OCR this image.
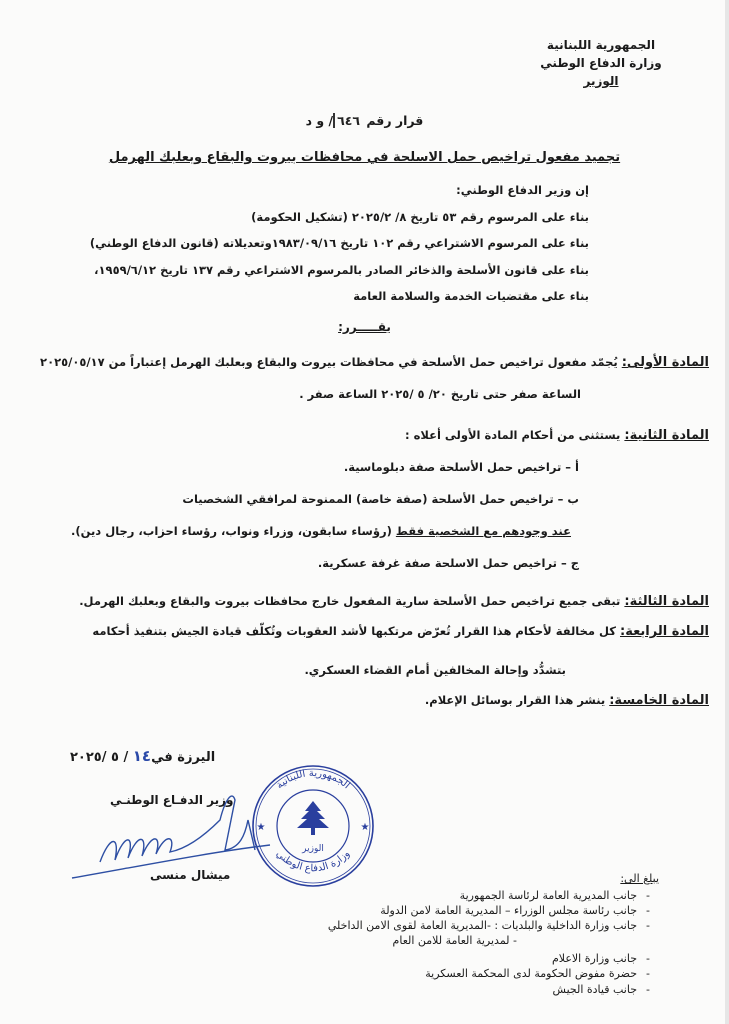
الجمهورية اللبنانية
وزارة الدفاع الوطني
الوزير
قرار رقم ٦٤٦/ و د
تجميد مفعول تراخيص حمل الاسلحة في محافظات بيروت والبقاع وبعلبك الهرمل
إن وزير الدفاع الوطني:
بناء على المرسوم رقم ٥٣ تاريخ ٨/ ٢٠٢٥/٢ (تشكيل الحكومة)
بناء على المرسوم الاشتراعي رقم ١٠٢ تاريخ ١٩٨٣/٠٩/١٦وتعديلاته (قانون الدفاع الوطني)
بناء على قانون الأسلحة والذخائر الصادر بالمرسوم الاشتراعي رقم ١٣٧ تاريخ ١٩٥٩/٦/١٢،
بناء على مقتضيات الخدمة والسلامة العامة
يقـــــرر:
المادة الأولى: يُجمّد مفعول تراخيص حمل الأسلحة في محافظات بيروت والبقاع وبعلبك الهرمل إعتباراً من ٢٠٢٥/٠٥/١٧
الساعة صفر حتى تاريخ ٢٠/ ٥ /٢٠٢٥ الساعة صفر .
المادة الثانية: يستثنى من أحكام المادة الأولى أعلاه :
أ – تراخيص حمل الأسلحة صفة دبلوماسية.
ب – تراخيص حمل الأسلحة (صفة خاصة) الممنوحة لمرافقي الشخصيات
عند وجودهم مع الشخصية فقط (رؤساء سابقون، وزراء ونواب، رؤساء احزاب، رجال دين).
ج – تراخيص حمل الاسلحة صفة غرفة عسكرية.
المادة الثالثة: تبقى جميع تراخيص حمل الأسلحة سارية المفعول خارج محافظات بيروت والبقاع وبعلبك الهرمل.
المادة الرابعة: كل مخالفة لأحكام هذا القرار تُعرّض مرتكبها لأشد العقوبات وتُكلّف قيادة الجيش بتنفيذ أحكامه
بتشدُّد وإحالة المخالفين أمام القضاء العسكري.
المادة الخامسة: ينشر هذا القرار بوسائل الإعلام.
اليرزة في١٤ / ٥ /٢٠٢٥
وزير الدفـاع الوطنـي
ميشال منسى
الجمهورية اللبنانية
وزارة الدفاع الوطني
الوزير
★	★
يبلغ الى:
-جانب المديرية العامة لرئاسة الجمهورية
-جانب رئاسة مجلس الوزراء – المديرية العامة لامن الدولة
-جانب وزارة الداخلية والبلديات : -المديرية العامة لقوى الامن الداخلي
- لمديرية العامة للامن العام
-جانب وزارة الاعلام
-حضرة مفوض الحكومة لدى المحكمة العسكرية
-جانب قيادة الجيش
